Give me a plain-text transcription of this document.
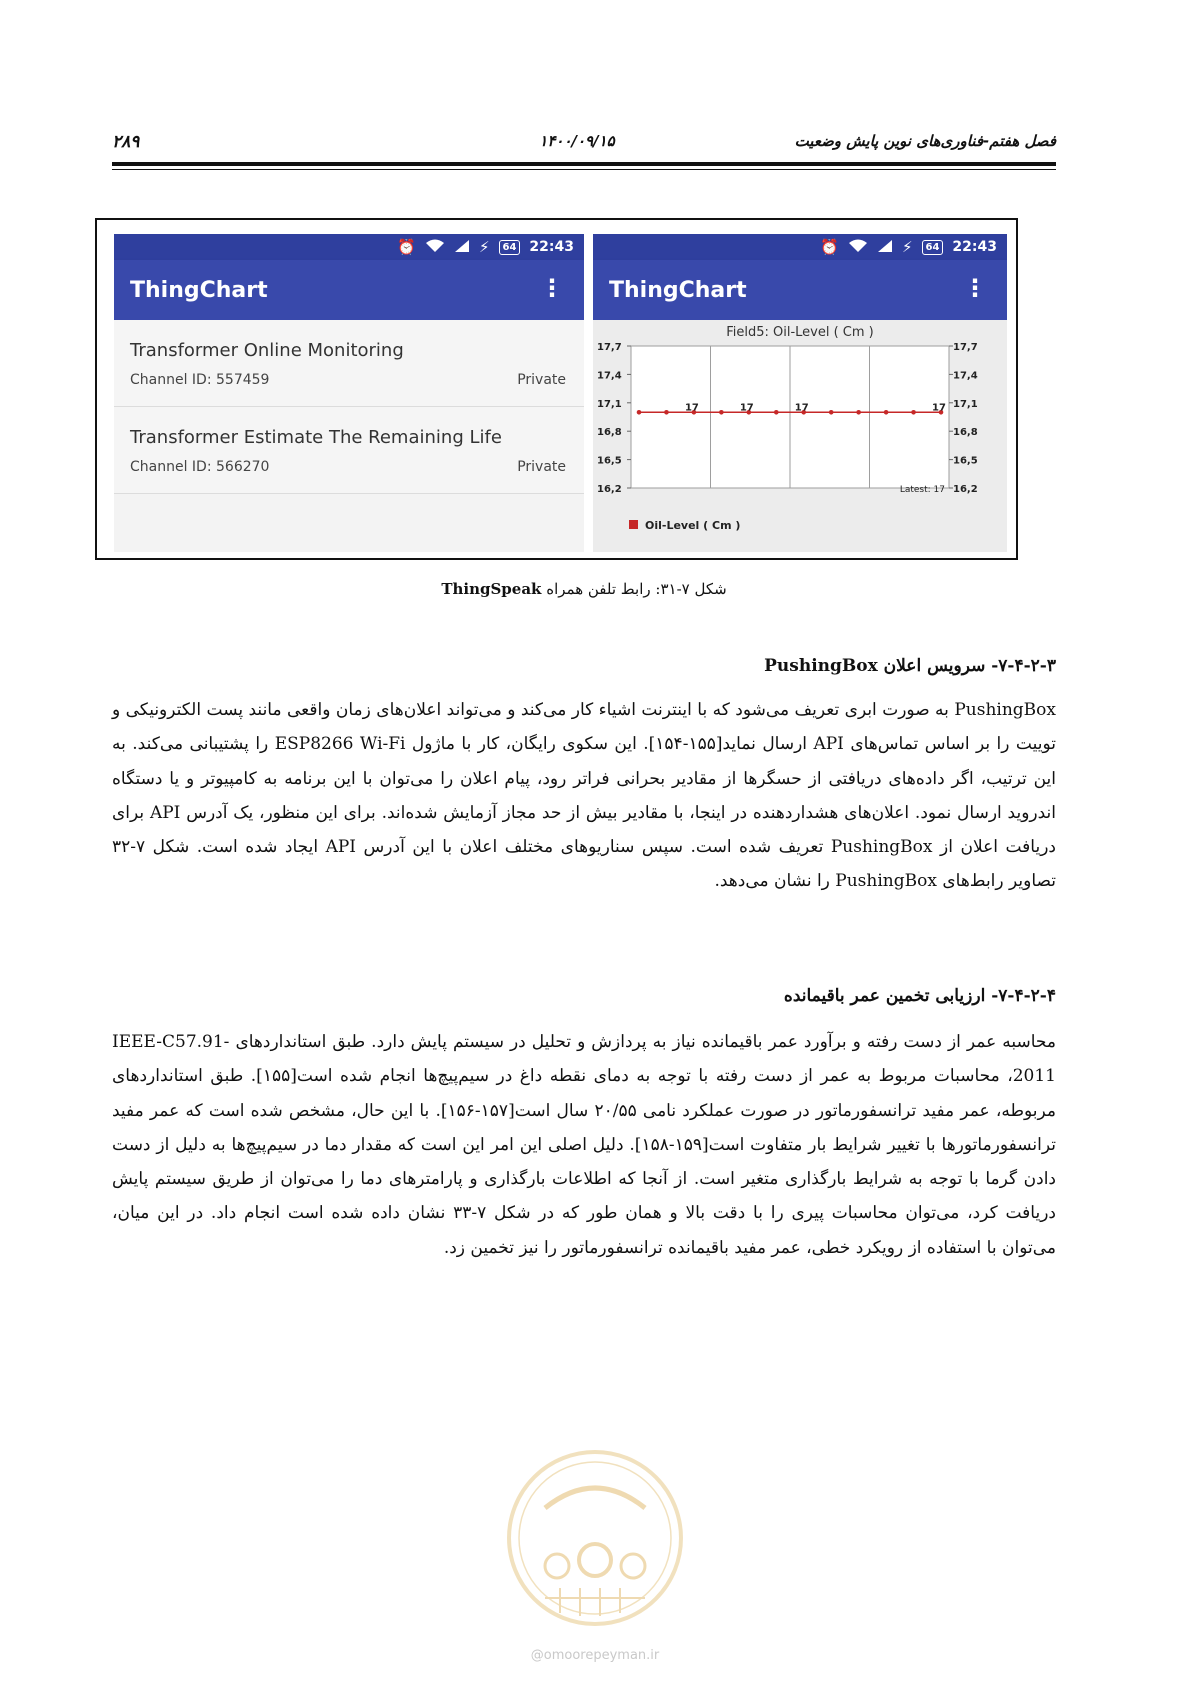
فصل هفتم-فناوری‌های نوین پایش وضعیت
۱۴۰۰/۰۹/۱۵
۲۸۹
⏰	⚡	64 22:43
ThingChart	⋮
Transformer Online Monitoring
Channel ID: 557459	Private
Transformer Estimate The Remaining Life
Channel ID: 566270	Private
⏰	⚡	64 22:43
ThingChart	⋮
Field5: Oil-Level ( Cm )
17,7	17,7
17,4	17,4
17,1	17,1
16,8	16,8
16,5	16,5
16,2	16,2
17	17	17	17
Latest: 17
Oil-Level ( Cm )
شکل ۷-۳۱: رابط تلفن همراه ThingSpeak
۷-۴-۲-۳- سرویس اعلان PushingBox
PushingBox به صورت ابری تعریف می‌شود که با اینترنت اشیاء کار می‌کند و می‌تواند اعلان‌های زمان واقعی مانند پست الکترونیکی و توییت را بر اساس تماس‌های API ارسال نماید[۱۵۵-۱۵۴]. این سکوی رایگان، کار با ماژول ESP8266 Wi-Fi را پشتیبانی می‌کند. به این ترتیب، اگر داده‌های دریافتی از حسگرها از مقادیر بحرانی فراتر رود، پیام اعلان را می‌توان با این برنامه به کامپیوتر و یا دستگاه اندروید ارسال نمود. اعلان‌های هشداردهنده در اینجا، با مقادیر بیش از حد مجاز آزمایش شده‌اند. برای این منظور، یک آدرس API برای دریافت اعلان از PushingBox تعریف شده است. سپس سناریوهای مختلف اعلان با این آدرس API ایجاد شده است. شکل ۷-۳۲ تصاویر رابط‌های PushingBox را نشان می‌دهد.
۷-۴-۲-۴- ارزیابی تخمین عمر باقیمانده
محاسبه عمر از دست رفته و برآورد عمر باقیمانده نیاز به پردازش و تحلیل در سیستم پایش دارد. طبق استانداردهای IEEE-C57.91-2011، محاسبات مربوط به عمر از دست رفته با توجه به دمای نقطه داغ در سیم‌پیچ‌ها انجام شده است[۱۵۵]. طبق استانداردهای مربوطه، عمر مفید ترانسفورماتور در صورت عملکرد نامی ۲۰/۵۵ سال است[۱۵۷-۱۵۶]. با این حال، مشخص شده است که عمر مفید ترانسفورماتورها با تغییر شرایط بار متفاوت است[۱۵۹-۱۵۸]. دلیل اصلی این امر این است که مقدار دما در سیم‌پیچ‌ها به دلیل از دست دادن گرما با توجه به شرایط بارگذاری متغیر است. از آنجا که اطلاعات بارگذاری و پارامترهای دما را می‌توان از طریق سیستم پایش دریافت کرد، می‌توان محاسبات پیری را با دقت بالا و همان طور که در شکل ۷-۳۳ نشان داده شده است انجام داد. در این میان، می‌توان با استفاده از رویکرد خطی، عمر مفید باقیمانده ترانسفورماتور را نیز تخمین زد.
@omoorepeyman.ir
